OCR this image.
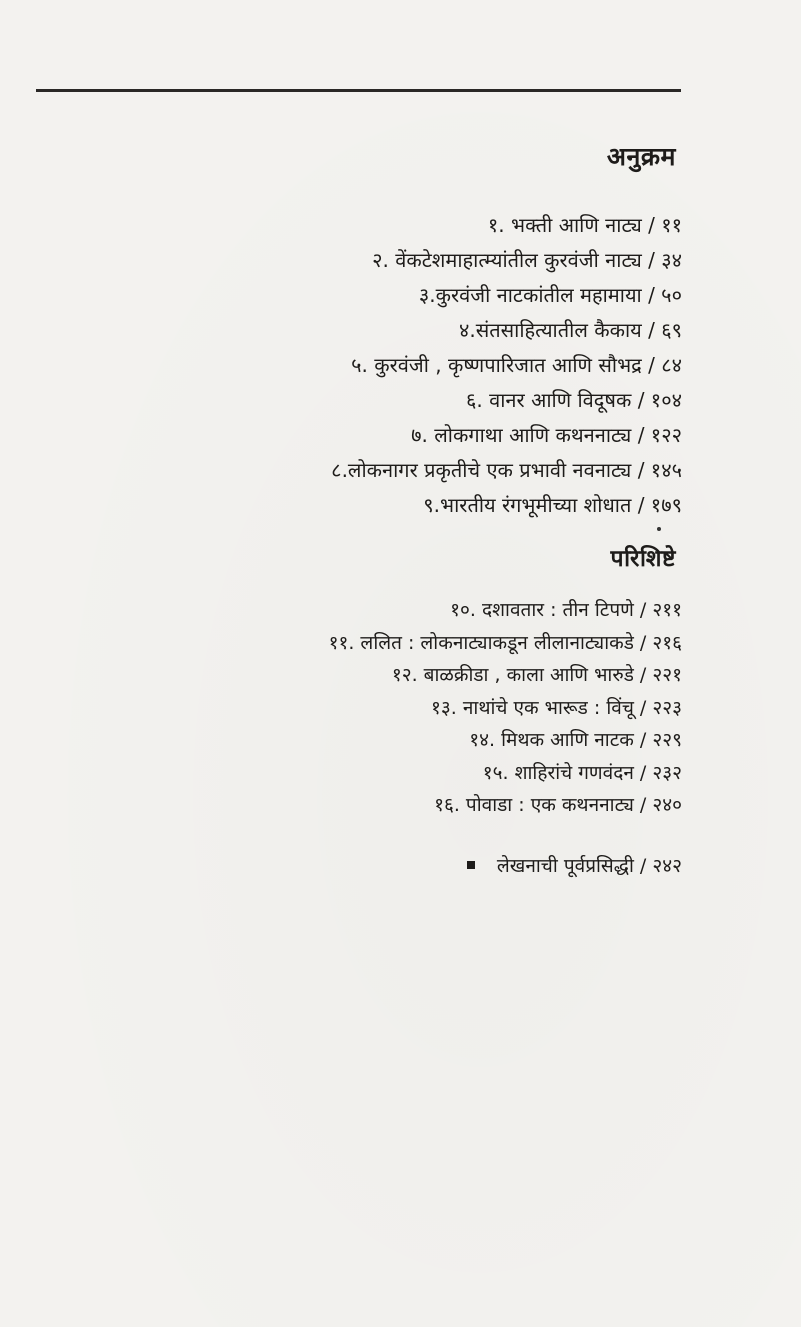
अनुक्रम
१. भक्ती आणि नाट्य / ११
२. वेंकटेशमाहात्म्यांतील कुरवंजी नाट्य / ३४
३.कुरवंजी नाटकांतील महामाया / ५०
४.संतसाहित्यातील कैकाय / ६९
५. कुरवंजी , कृष्णपारिजात आणि सौभद्र / ८४
६. वानर आणि विदूषक / १०४
७. लोकगाथा आणि कथननाट्य / १२२
८.लोकनागर प्रकृतीचे एक प्रभावी नवनाट्य / १४५
९.भारतीय रंगभूमीच्या शोधात / १७९
परिशिष्टे
१०. दशावतार : तीन टिपणे / २११
११. ललित : लोकनाट्याकडून लीलानाट्याकडे / २१६
१२. बाळक्रीडा , काला आणि भारुडे / २२१
१३. नाथांचे एक भारूड : विंचू / २२३
१४. मिथक आणि नाटक / २२९
१५. शाहिरांचे गणवंदन / २३२
१६. पोवाडा : एक कथननाट्य / २४०
लेखनाची पूर्वप्रसिद्धी / २४२
